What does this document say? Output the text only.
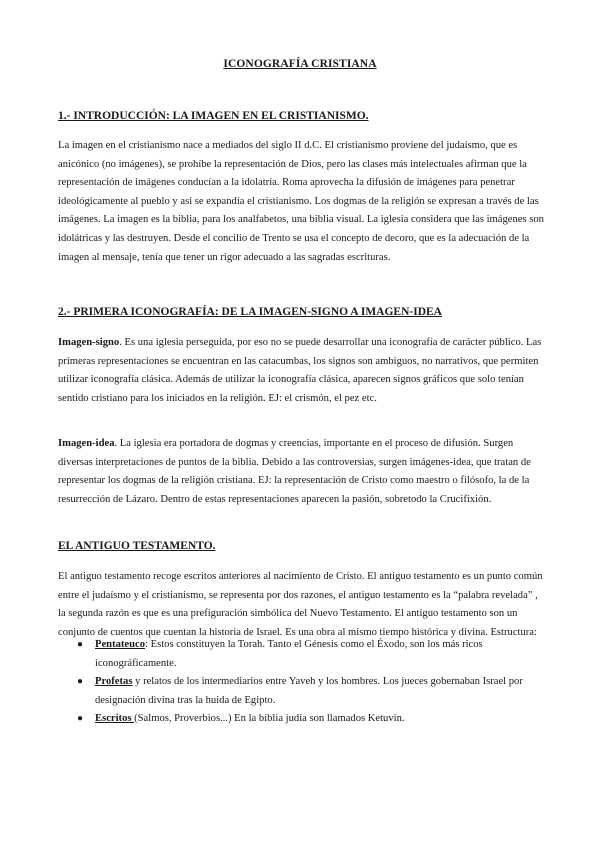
ICONOGRAFÍA CRISTIANA
1.- INTRODUCCIÓN: LA IMAGEN EN EL CRISTIANISMO.

La imagen en el cristianismo nace a mediados del siglo II d.C. El cristianismo proviene del judaísmo, que es anicónico (no imágenes), se prohíbe la representación de Dios, pero las clases más intelectuales afirman que la representación de imágenes conducían a la idolatría. Roma aprovecha la difusión de imágenes para penetrar ideológicamente al pueblo y así se expandía el cristianismo. Los dogmas de la religión se expresan a través de las imágenes. La imagen es la biblia, para los analfabetos, una biblia visual. La iglesia considera que las imágenes son idolátricas y las destruyen. Desde el concilio de Trento se usa el concepto de decoro, que es la adecuación de la imagen al mensaje, tenía que tener un rigor adecuado a las sagradas escrituras.

2.- PRIMERA ICONOGRAFÍA: DE LA IMAGEN-SIGNO A IMAGEN-IDEA

Imagen-signo. Es una iglesia perseguida, por eso no se puede desarrollar una iconografía de carácter público. Las primeras representaciones se encuentran en las catacumbas, los signos son ambiguos, no narrativos, que permiten utilizar iconografía clásica. Además de utilizar la iconografía clásica, aparecen signos gráficos que solo tenían sentido cristiano para los iniciados en la religión. EJ: el crismón, el pez etc.

Imagen-idea. La iglesia era portadora de dogmas y creencias, importante en el proceso de difusión. Surgen diversas interpretaciones de puntos de la biblia. Debido a las controversias, surgen imágenes-idea, que tratan de representar los dogmas de la religión cristiana. EJ: la representación de Cristo como maestro o filósofo, la de la resurrección de Lázaro. Dentro de estas representaciones aparecen la pasión, sobretodo la Crucifixión.

EL ANTIGUO TESTAMENTO.

El antiguo testamento recoge escritos anteriores al nacimiento de Cristo. El antiguo testamento es un punto común entre el judaísmo y el cristianismo, se representa por dos razones, el antiguo testamento es la “palabra revelada” , la segunda razón es que es una prefiguración simbólica del Nuevo Testamento. El antiguo testamento son un conjunto de cuentos que cuentan la historia de Israel. Es una obra al mismo tiempo histórica y divina. Estructura:

● Pentateuco: Estos constituyen la Torah. Tanto el Génesis como el Éxodo, son los más ricos iconográficamente.
● Profetas y relatos de los intermediarios entre Yaveh y los hombres. Los jueces gobernaban Israel por designación divina tras la huida de Egipto.
● Escritos (Salmos, Proverbios...) En la biblia judía son llamados Ketuvin.
